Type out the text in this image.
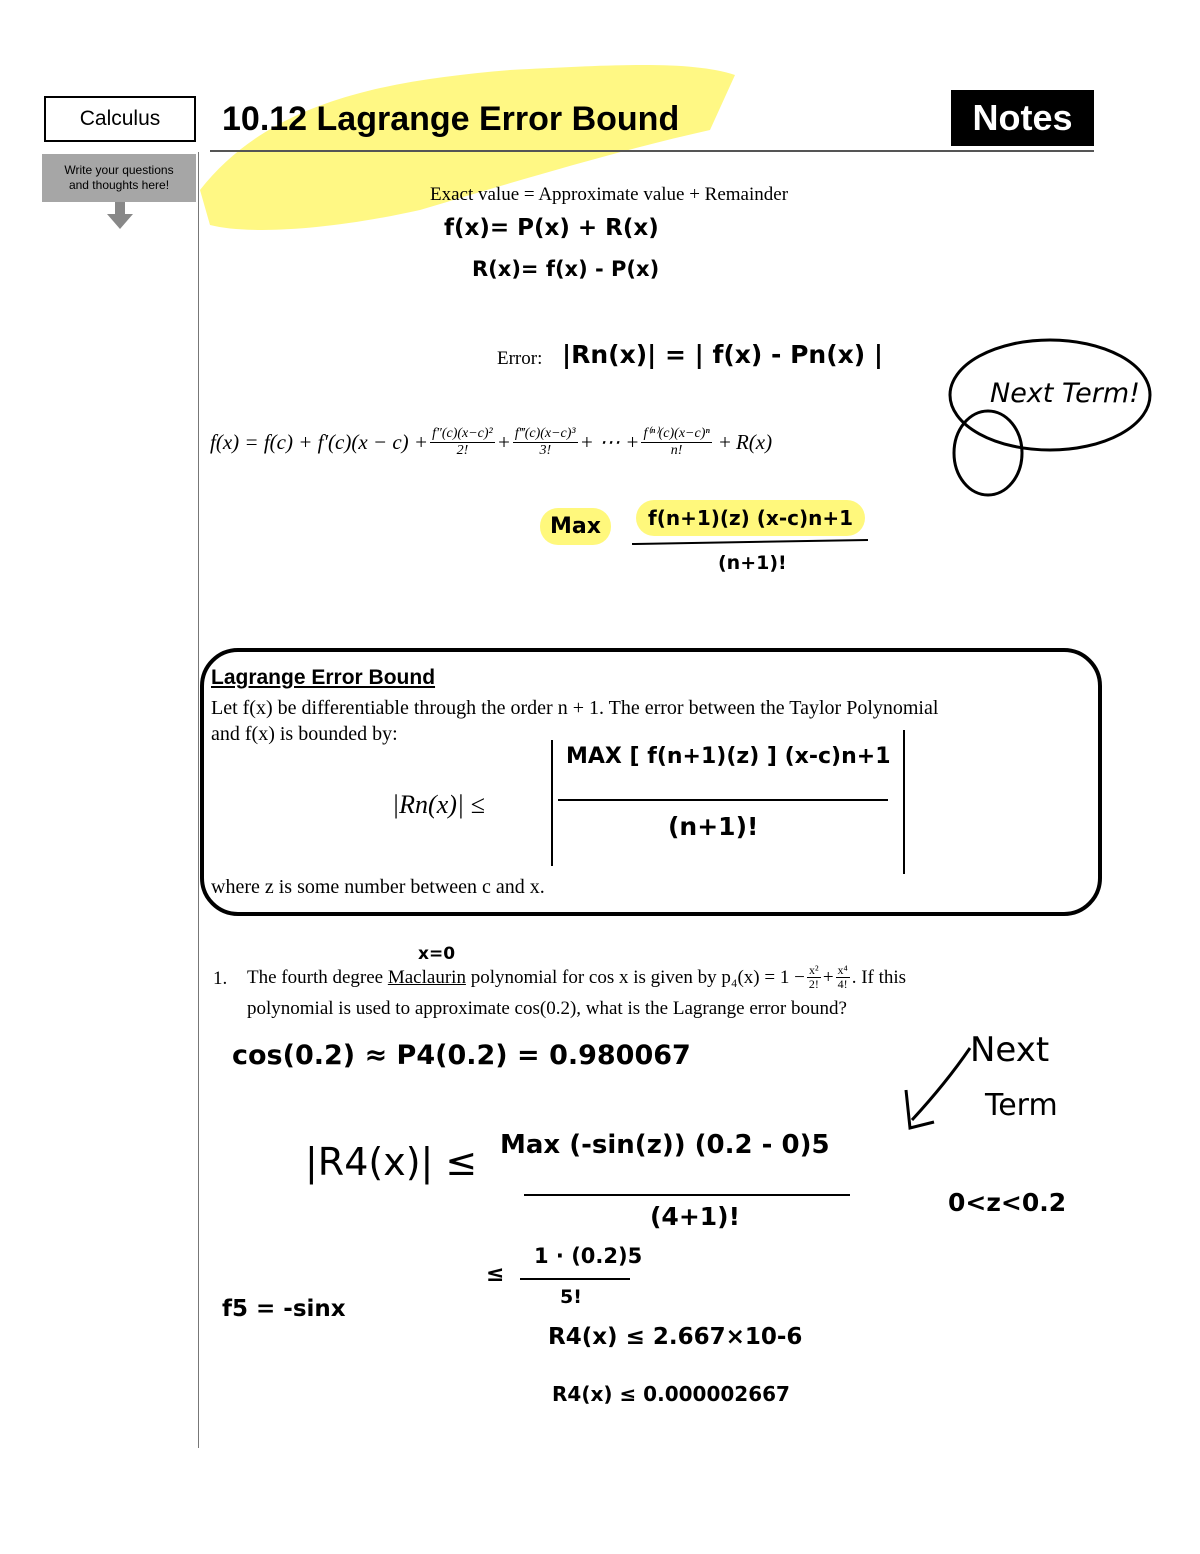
Calculus 10.12 Lagrange Error Bound	Notes
Write your questions
and thoughts here!	Exact value = Approximate value + Remainder
f(x)= P(x) + R(x)
R(x)= f(x) - P(x)
Error: |Rn(x)| = | f(x) - Pn(x) |
Next Term!
$f(x) = f(c) + f'(c)(x - c) + \frac{\text{f″(c)(x−c)²}}{2!} + \frac{\text{f‴(c)(x−c)³}}{3!}$ + ⋯ + $\frac{\text{f⁽ⁿ⁾(c)(x−c)ⁿ}}{n!} + R(x)$
Max	f(n+1)(z) (x-c)n+1
(n+1)!
Lagrange Error Bound
Let f(x) be differentiable through the order n + 1. The error between the Taylor Polynomial
and f(x) is bounded by:
|Rn(x)| ≤
MAX [ f(n+1)(z) ] (x-c)n+1
(n+1)!
where z is some number between c and x.
x=0
1. The fourth degree
Maclaurin
polynomial for cos x is given by $p_4(x) = 1 - \frac{\text{x²}}{2!} + \frac{\text{x⁴}}{4!}$ . If this
polynomial is used to approximate cos(0.2), what is the Lagrange error bound?
cos(0.2) ≈ P4(0.2) = 0.980067	Next
Term
|R4(x)| ≤ Max (-sin(z)) (0.2 - 0)5
(4+1)!	0<z<0.2
≤
1 · (0.2)5
5!
f5 = -sinx
R4(x) ≤ 2.667×10-6
R4(x) ≤ 0.000002667
